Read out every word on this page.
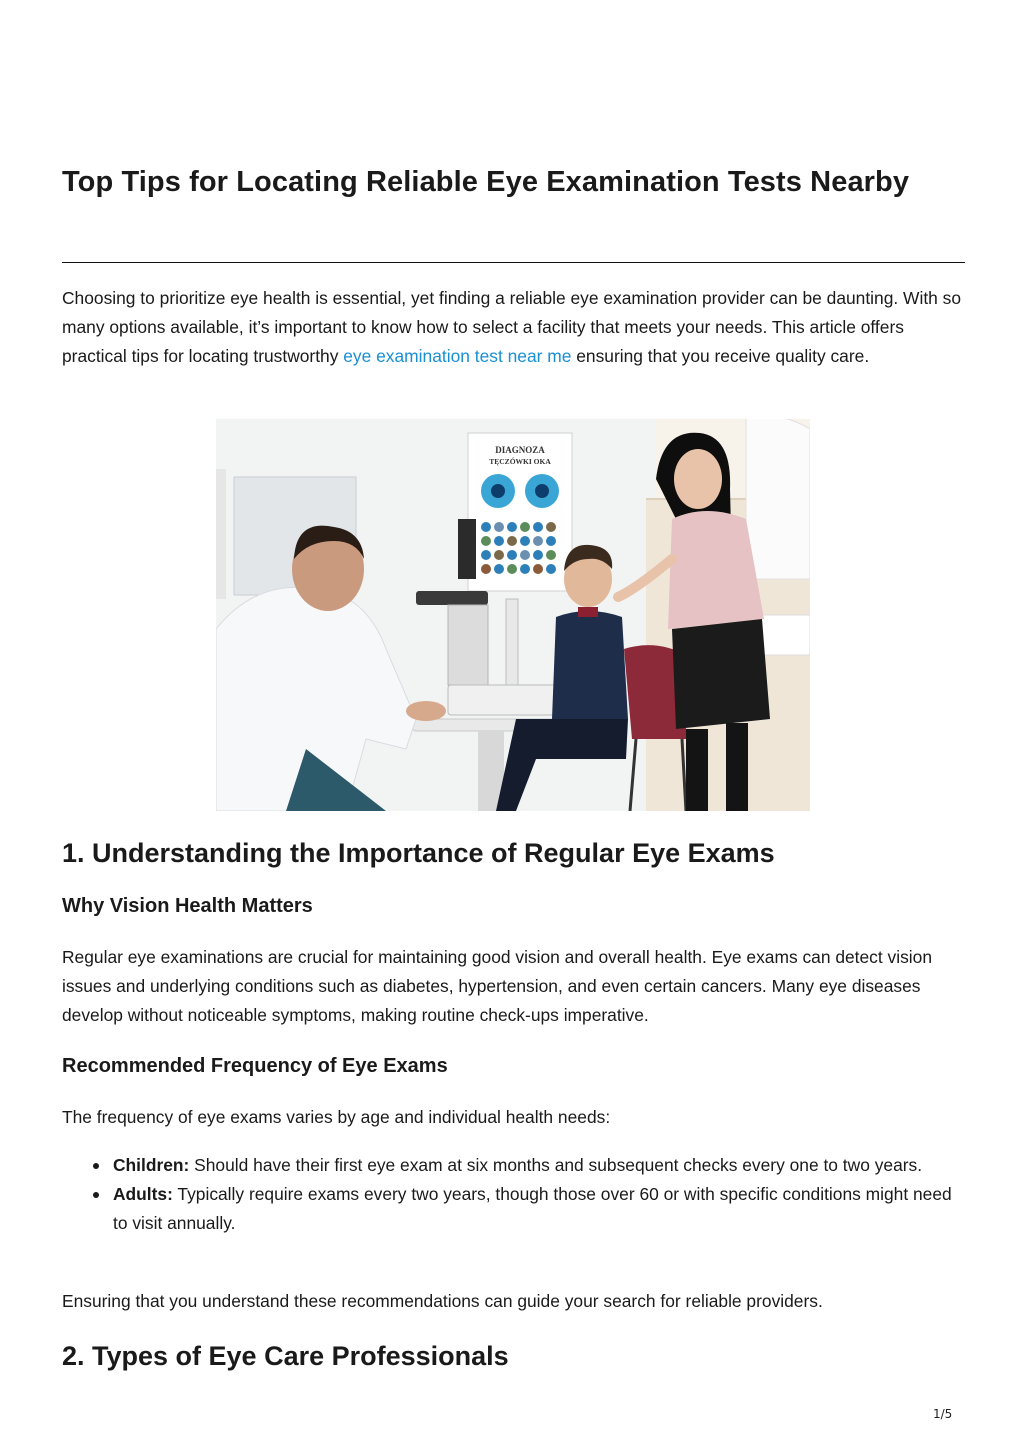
Top Tips for Locating Reliable Eye Examination Tests Nearby

Choosing to prioritize eye health is essential, yet finding a reliable eye examination provider can be daunting. With so many options available, it’s important to know how to select a facility that meets your needs. This article offers practical tips for locating trustworthy eye examination test near me ensuring that you receive quality care.

DIAGNOZA
TĘCZÓWKI OKA
1. Understanding the Importance of Regular Eye Exams
Why Vision Health Matters

Regular eye examinations are crucial for maintaining good vision and overall health. Eye exams can detect vision issues and underlying conditions such as diabetes, hypertension, and even certain cancers. Many eye diseases develop without noticeable symptoms, making routine check-ups imperative.

Recommended Frequency of Eye Exams

The frequency of eye exams varies by age and individual health needs:

Children: Should have their first eye exam at six months and subsequent checks every one to two years.
Adults: Typically require exams every two years, though those over 60 or with specific conditions might need to visit annually.

Ensuring that you understand these recommendations can guide your search for reliable providers.

2. Types of Eye Care Professionals
1/5
